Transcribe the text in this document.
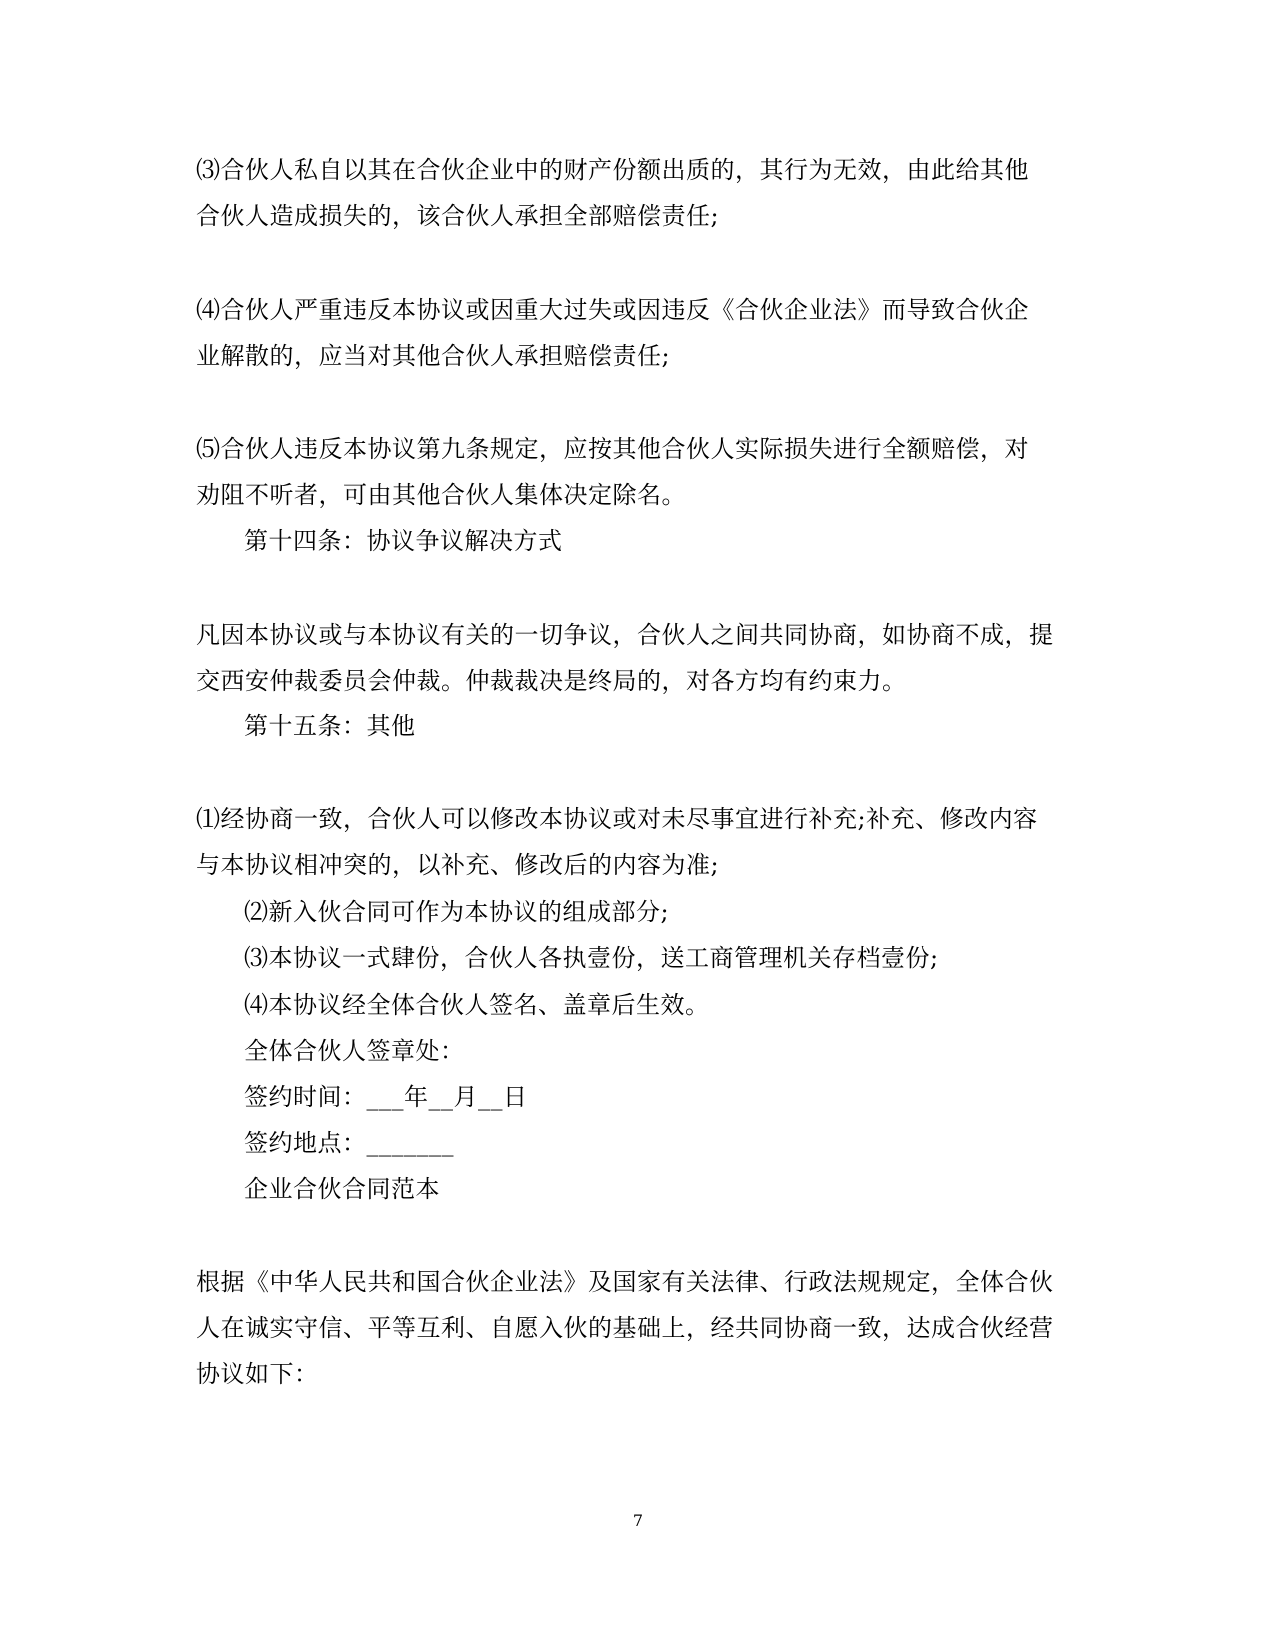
⑶合伙人私自以其在合伙企业中的财产份额出质的，其行为无效，由此给其他
合伙人造成损失的，该合伙人承担全部赔偿责任;
⑷合伙人严重违反本协议或因重大过失或因违反《合伙企业法》而导致合伙企
业解散的，应当对其他合伙人承担赔偿责任;
⑸合伙人违反本协议第九条规定，应按其他合伙人实际损失进行全额赔偿，对
劝阻不听者，可由其他合伙人集体决定除名。
第十四条：协议争议解决方式
凡因本协议或与本协议有关的一切争议，合伙人之间共同协商，如协商不成，提
交西安仲裁委员会仲裁。仲裁裁决是终局的，对各方均有约束力。
第十五条：其他
⑴经协商一致，合伙人可以修改本协议或对未尽事宜进行补充;补充、修改内容
与本协议相冲突的，以补充、修改后的内容为准;
⑵新入伙合同可作为本协议的组成部分;
⑶本协议一式肆份，合伙人各执壹份，送工商管理机关存档壹份;
⑷本协议经全体合伙人签名、盖章后生效。
全体合伙人签章处：
签约时间：___年__月__日
签约地点：_______
企业合伙合同范本
根据《中华人民共和国合伙企业法》及国家有关法律、行政法规规定，全体合伙
人在诚实守信、平等互利、自愿入伙的基础上，经共同协商一致，达成合伙经营
协议如下：
7
